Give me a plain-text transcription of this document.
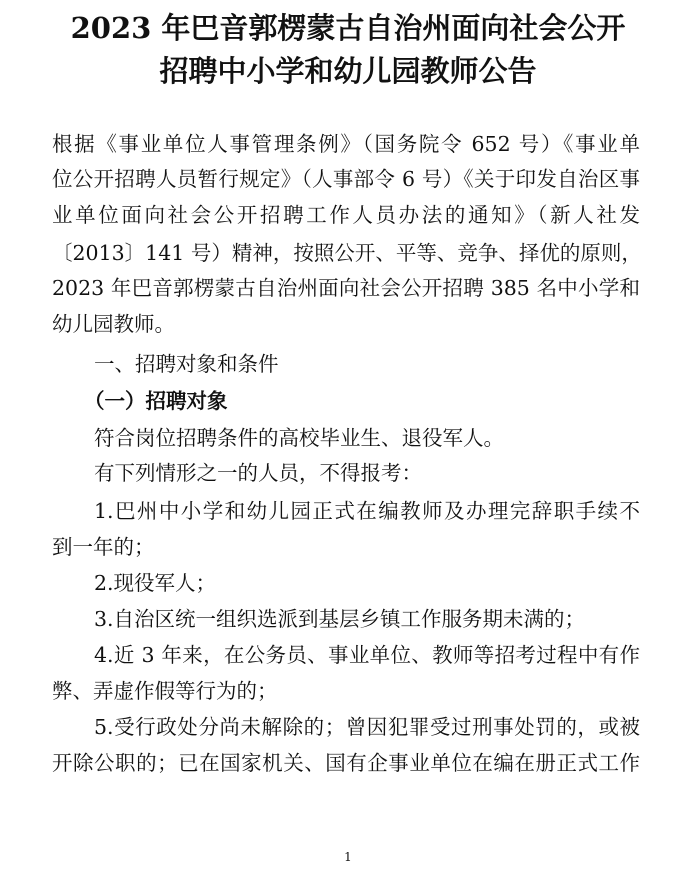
2023 年巴音郭楞蒙古自治州面向社会公开
招聘中小学和幼儿园教师公告
根据《事业单位人事管理条例》（国务院令 652 号）《事业单
位公开招聘人员暂行规定》（人事部令 6 号）《关于印发自治区事
业单位面向社会公开招聘工作人员办法的通知》（新人社发
〔2013〕141 号）精神，按照公开、平等、竞争、择优的原则，
2023 年巴音郭楞蒙古自治州面向社会公开招聘 385 名中小学和
幼儿园教师。
一、招聘对象和条件
（一）招聘对象
符合岗位招聘条件的高校毕业生、退役军人。
有下列情形之一的人员，不得报考：
1.巴州中小学和幼儿园正式在编教师及办理完辞职手续不
到一年的；
2.现役军人；
3.自治区统一组织选派到基层乡镇工作服务期未满的；
4.近 3 年来，在公务员、事业单位、教师等招考过程中有作
弊、弄虚作假等行为的；
5.受行政处分尚未解除的；曾因犯罪受过刑事处罚的，或被
开除公职的；已在国家机关、国有企事业单位在编在册正式工作
1
